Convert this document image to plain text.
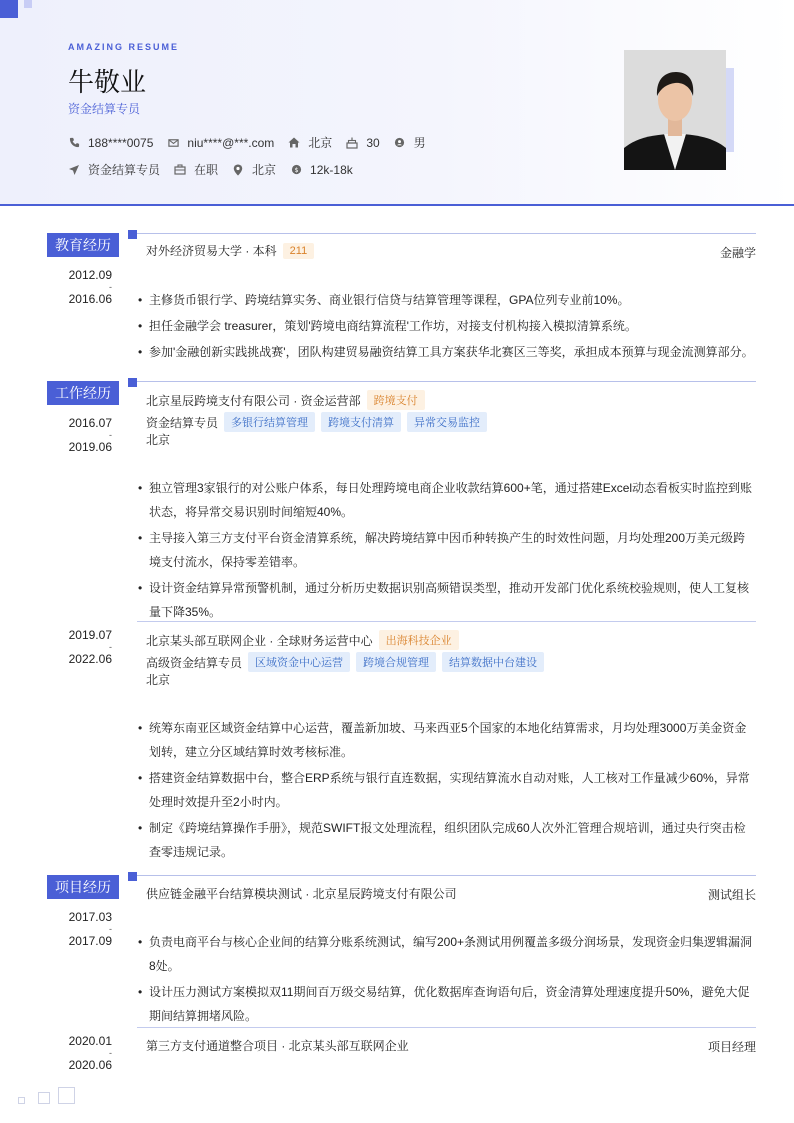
AMAZING RESUME
牛敬业
资金结算专员
188****0075	niu****@***.com	北京	30	男
资金结算专员	在职	北京	$ 12k-18k
教育经历
2012.09
-
2016.06
对外经济贸易大学 · 本科	211	金融学
• 主修货币银行学、跨境结算实务、商业银行信贷与结算管理等课程，GPA位列专业前10%。
• 担任金融学会 treasurer，策划'跨境电商结算流程'工作坊，对接支付机构接入模拟清算系统。
• 参加'金融创新实践挑战赛'，团队构建贸易融资结算工具方案获华北赛区三等奖，承担成本预算与现金流测算部分。
工作经历
2016.07
-
2019.06
北京星辰跨境支付有限公司 · 资金运营部	跨境支付
资金结算专员	多银行结算管理	跨境支付清算	异常交易监控
北京
• 独立管理3家银行的对公账户体系，每日处理跨境电商企业收款结算600+笔，通过搭建Excel动态看板实时监控到账状态，将异常交易识别时间缩短40%。
• 主导接入第三方支付平台资金清算系统，解决跨境结算中因币种转换产生的时效性问题，月均处理200万美元级跨境支付流水，保持零差错率。
• 设计资金结算异常预警机制，通过分析历史数据识别高频错误类型，推动开发部门优化系统校验规则，使人工复核量下降35%。
2019.07
-
2022.06
北京某头部互联网企业 · 全球财务运营中心	出海科技企业
高级资金结算专员	区域资金中心运营	跨境合规管理	结算数据中台建设
北京
• 统筹东南亚区域资金结算中心运营，覆盖新加坡、马来西亚5个国家的本地化结算需求，月均处理3000万美金资金划转，建立分区域结算时效考核标准。
• 搭建资金结算数据中台，整合ERP系统与银行直连数据，实现结算流水自动对账，人工核对工作量减少60%，异常处理时效提升至2小时内。
• 制定《跨境结算操作手册》，规范SWIFT报文处理流程，组织团队完成60人次外汇管理合规培训，通过央行突击检查零违规记录。
项目经历
2017.03
-
2017.09
供应链金融平台结算模块测试 · 北京星辰跨境支付有限公司	测试组长
• 负责电商平台与核心企业间的结算分账系统测试，编写200+条测试用例覆盖多级分润场景，发现资金归集逻辑漏洞8处。
• 设计压力测试方案模拟双11期间百万级交易结算，优化数据库查询语句后，资金清算处理速度提升50%，避免大促期间结算拥堵风险。
2020.01
-
2020.06
第三方支付通道整合项目 · 北京某头部互联网企业	项目经理
